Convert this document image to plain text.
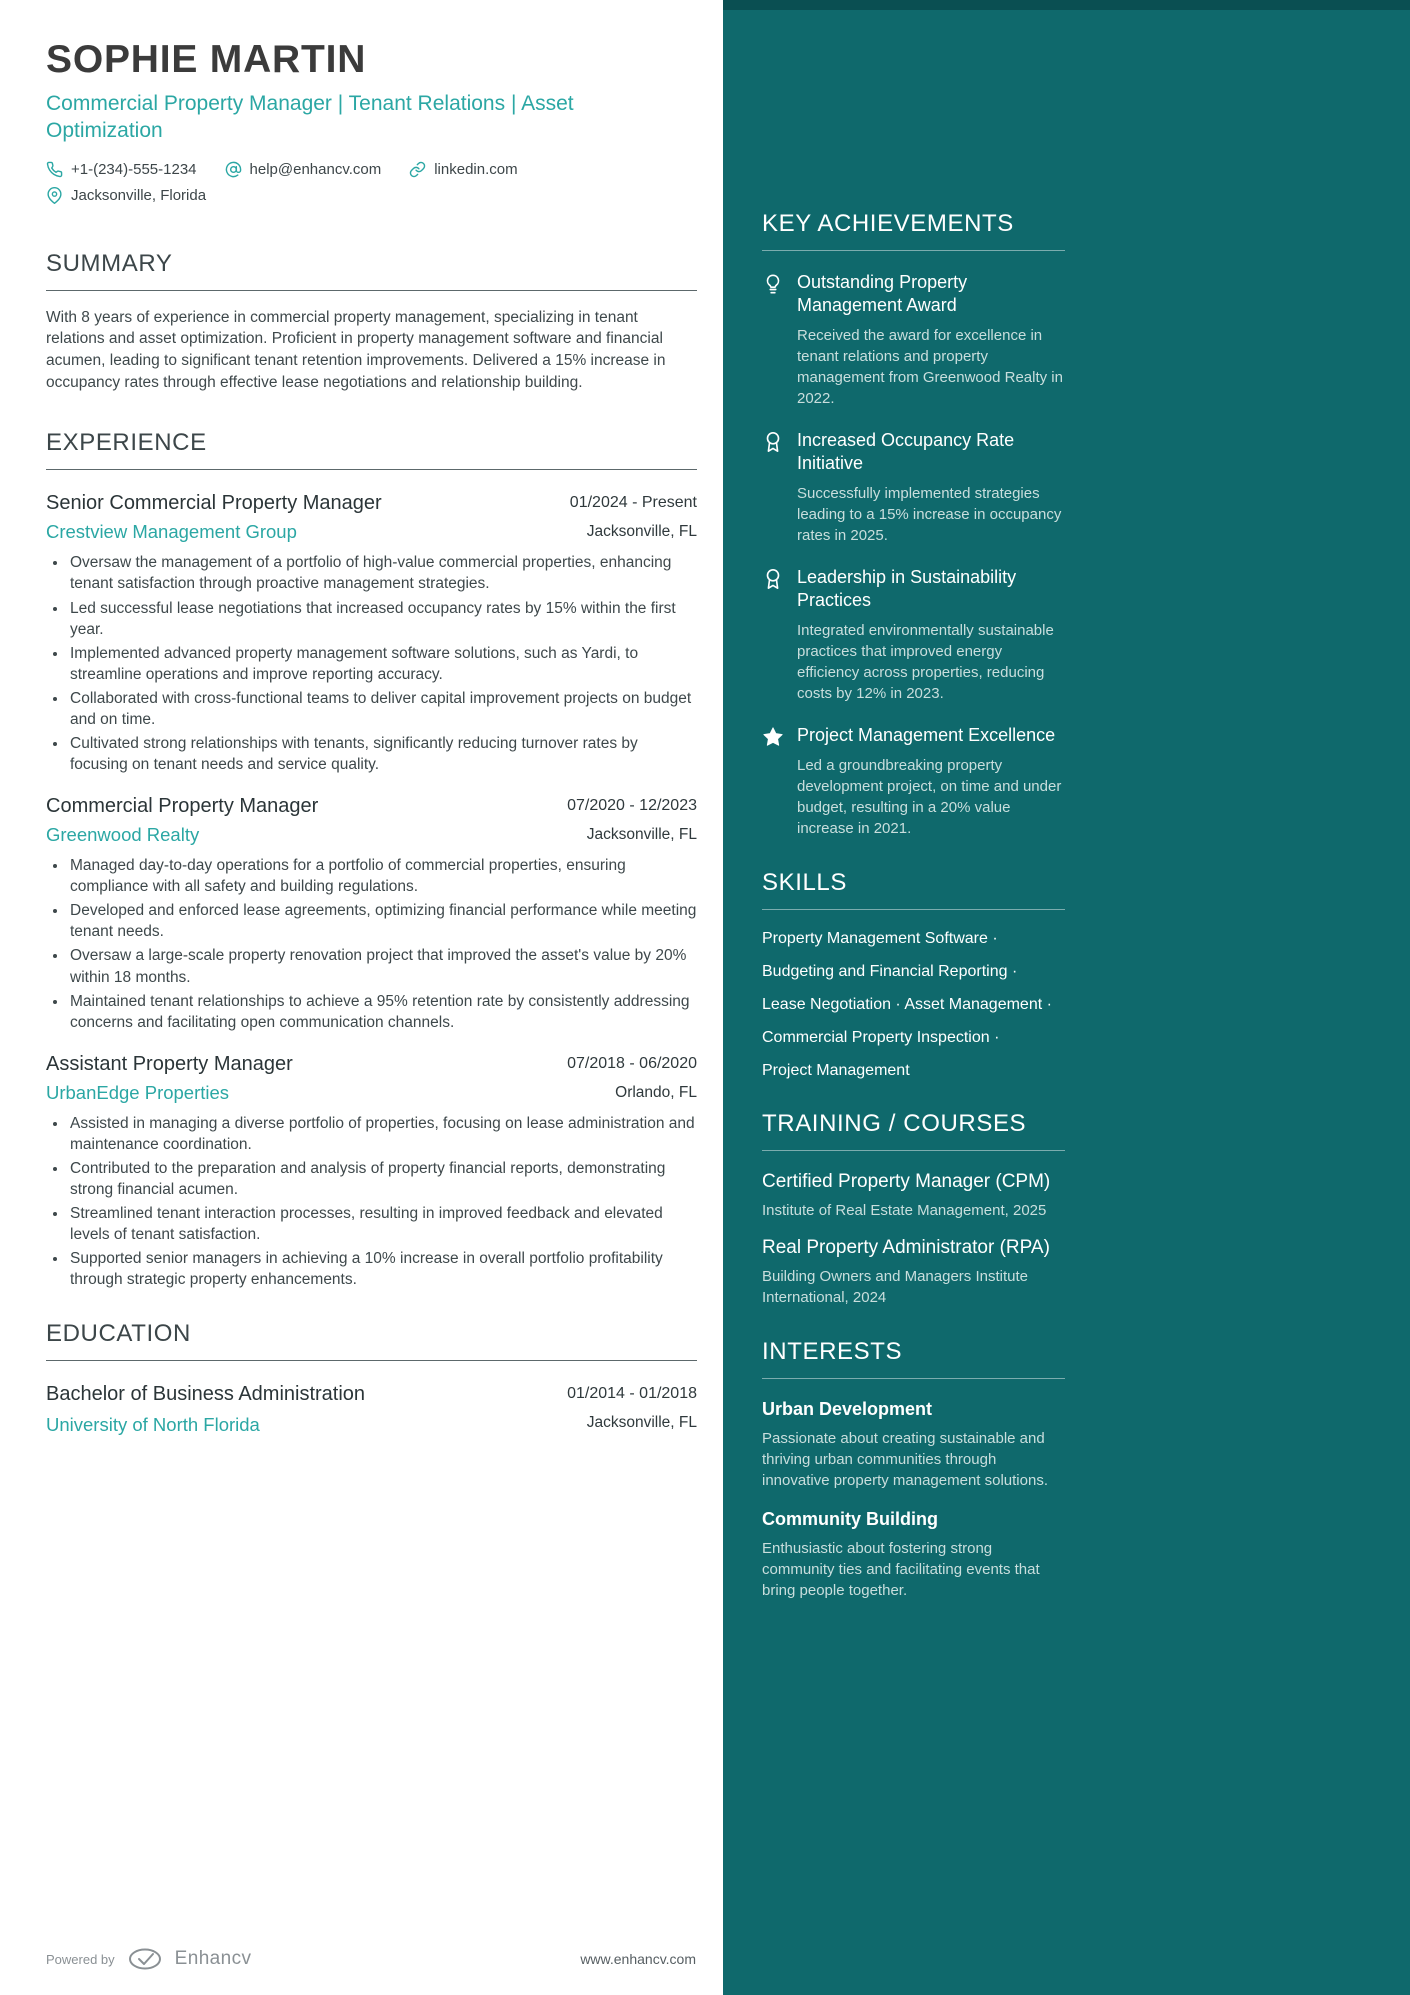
SOPHIE MARTIN
Commercial Property Manager | Tenant Relations | Asset Optimization
+1-(234)-555-1234	help@enhancv.com	linkedin.com
Jacksonville, Florida
SUMMARY

With 8 years of experience in commercial property management, specializing in tenant relations and asset optimization. Proficient in property management software and financial acumen, leading to significant tenant retention improvements. Delivered a 15% increase in occupancy rates through effective lease negotiations and relationship building.

EXPERIENCE
Senior Commercial Property Manager	01/2024 - Present
Crestview Management Group	Jacksonville, FL
• Oversaw the management of a portfolio of high-value commercial properties, enhancing tenant satisfaction through proactive management strategies.
• Led successful lease negotiations that increased occupancy rates by 15% within the first year.
• Implemented advanced property management software solutions, such as Yardi, to streamline operations and improve reporting accuracy.
• Collaborated with cross-functional teams to deliver capital improvement projects on budget and on time.
• Cultivated strong relationships with tenants, significantly reducing turnover rates by focusing on tenant needs and service quality.
Commercial Property Manager	07/2020 - 12/2023
Greenwood Realty	Jacksonville, FL
• Managed day-to-day operations for a portfolio of commercial properties, ensuring compliance with all safety and building regulations.
• Developed and enforced lease agreements, optimizing financial performance while meeting tenant needs.
• Oversaw a large-scale property renovation project that improved the asset's value by 20% within 18 months.
• Maintained tenant relationships to achieve a 95% retention rate by consistently addressing concerns and facilitating open communication channels.
Assistant Property Manager	07/2018 - 06/2020
UrbanEdge Properties	Orlando, FL
• Assisted in managing a diverse portfolio of properties, focusing on lease administration and maintenance coordination.
• Contributed to the preparation and analysis of property financial reports, demonstrating strong financial acumen.
• Streamlined tenant interaction processes, resulting in improved feedback and elevated levels of tenant satisfaction.
• Supported senior managers in achieving a 10% increase in overall portfolio profitability through strategic property enhancements.
EDUCATION
Bachelor of Business Administration	01/2014 - 01/2018
University of North Florida	Jacksonville, FL
KEY ACHIEVEMENTS
Outstanding Property Management Award
Received the award for excellence in tenant relations and property management from Greenwood Realty in 2022.
Increased Occupancy Rate Initiative
Successfully implemented strategies leading to a 15% increase in occupancy rates in 2025.
Leadership in Sustainability Practices
Integrated environmentally sustainable practices that improved energy efficiency across properties, reducing costs by 12% in 2023.
Project Management Excellence
Led a groundbreaking property development project, on time and under budget, resulting in a 20% value increase in 2021.
SKILLS
Property Management Software ·
Budgeting and Financial Reporting ·
Lease Negotiation · Asset Management ·
Commercial Property Inspection ·
Project Management
TRAINING / COURSES
Certified Property Manager (CPM)
Institute of Real Estate Management, 2025
Real Property Administrator (RPA)
Building Owners and Managers Institute International, 2024
INTERESTS
Urban Development
Passionate about creating sustainable and thriving urban communities through innovative property management solutions.
Community Building
Enthusiastic about fostering strong community ties and facilitating events that bring people together.
Powered by	Enhancv	www.enhancv.com
